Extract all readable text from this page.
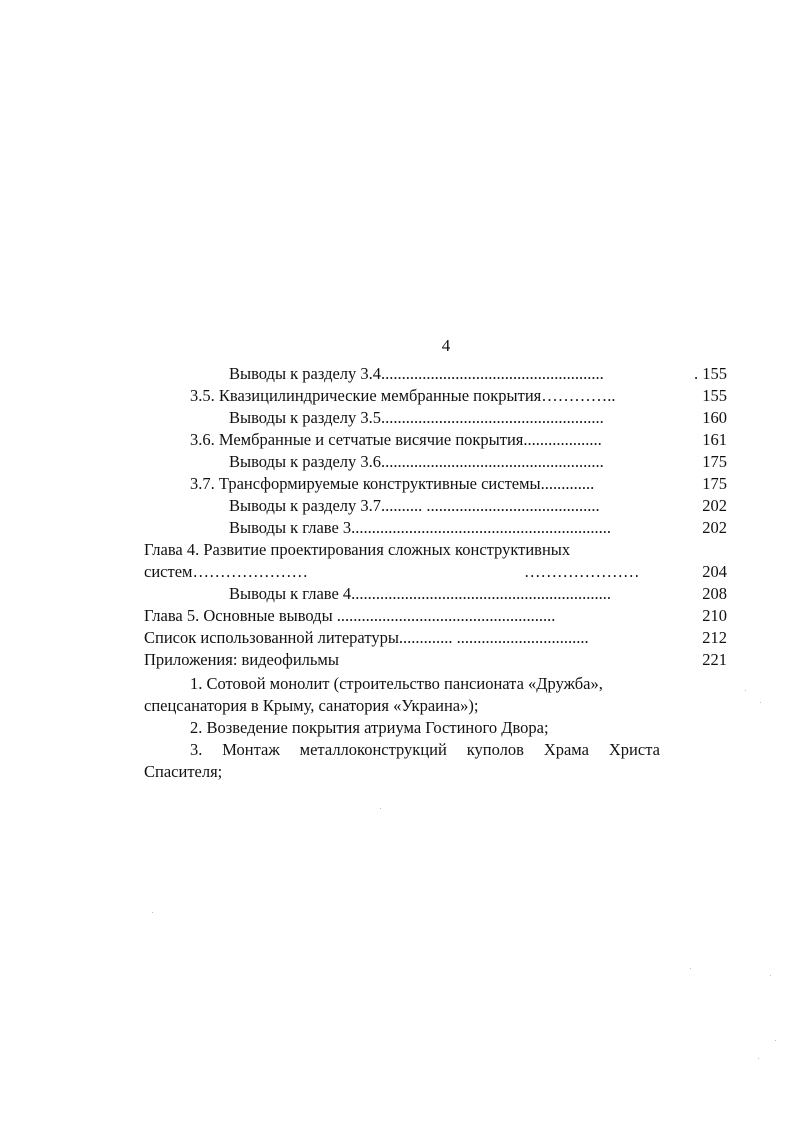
4
Выводы к разделу 3.4......................................................	. 155
3.5. Квазицилиндрические мембранные покрытия…………..	155
Выводы к разделу 3.5......................................................	160
3.6. Мембранные и сетчатые висячие покрытия...................	161
Выводы к разделу 3.6......................................................	175
3.7. Трансформируемые конструктивные системы.............	175
Выводы к разделу 3.7.......... ..........................................	202
Выводы к главе 3...............................................................	202
Глава 4. Развитие проектирования сложных конструктивных
систем…………………	…………………	204
Выводы к главе 4...............................................................	208
Глава 5. Основные выводы .....................................................	210
Список использованной литературы............. ................................	212
Приложения: видеофильмы	221
1. Сотовой монолит (строительство пансионата «Дружба»,
спецсанатория в Крыму, санатория «Украина»);
2. Возведение покрытия атриума Гостиного Двора;
3. Монтаж металлоконструкций куполов Храма Христа
Спасителя;
